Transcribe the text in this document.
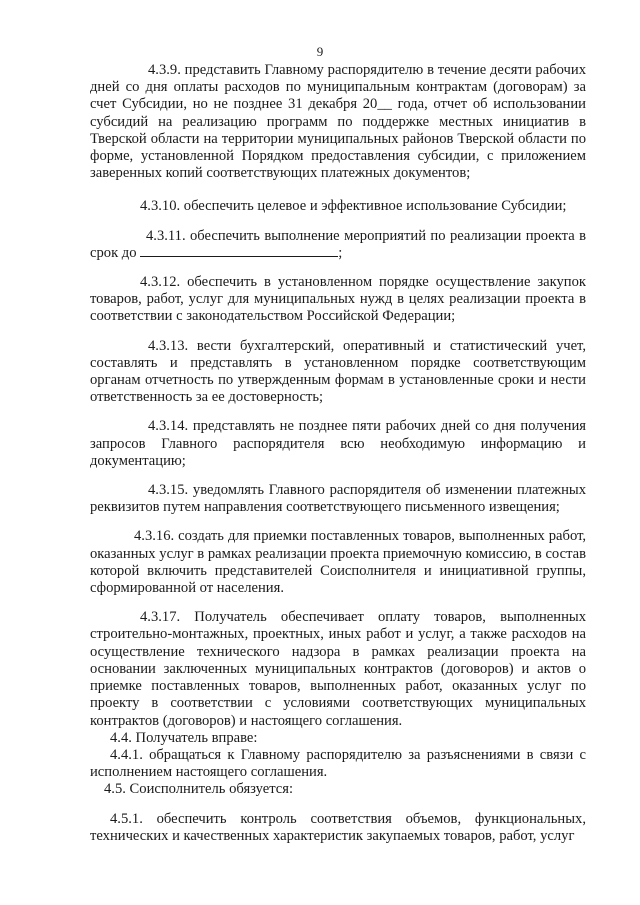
9

4.3.9. представить Главному распорядителю в течение десяти рабочих дней со дня оплаты расходов по муниципальным контрактам (договорам) за счет Субсидии, но не позднее 31 декабря 20__ года, отчет об использовании субсидий на реализацию программ по поддержке местных инициатив в Тверской области на территории муниципальных районов Тверской области по форме, установленной Порядком предоставления субсидии, с приложением заверенных копий соответствующих платежных документов;

4.3.10. обеспечить целевое и эффективное использование Субсидии;

4.3.11. обеспечить выполнение мероприятий по реализации проекта в срок до	;

4.3.12. обеспечить в установленном порядке осуществление закупок товаров, работ, услуг для муниципальных нужд в целях реализации проекта в соответствии с законодательством Российской Федерации;

4.3.13. вести бухгалтерский, оперативный и статистический учет, составлять и представлять в установленном порядке соответствующим органам отчетность по утвержденным формам в установленные сроки и нести ответственность за ее достоверность;

4.3.14. представлять не позднее пяти рабочих дней со дня получения запросов Главного распорядителя всю необходимую информацию и документацию;

4.3.15. уведомлять Главного распорядителя об изменении платежных реквизитов путем направления соответствующего письменного извещения;

4.3.16. создать для приемки поставленных товаров, выполненных работ, оказанных услуг в рамках реализации проекта приемочную комиссию, в состав которой включить представителей Соисполнителя и инициативной группы, сформированной от населения.

4.3.17. Получатель обеспечивает оплату товаров, выполненных строительно-монтажных, проектных, иных работ и услуг, а также расходов на осуществление технического надзора в рамках реализации проекта на основании заключенных муниципальных контрактов (договоров) и актов о приемке поставленных товаров, выполненных работ, оказанных услуг по проекту в соответствии с условиями соответствующих муниципальных контрактов (договоров) и настоящего соглашения.

4.4. Получатель вправе:

4.4.1. обращаться к Главному распорядителю за разъяснениями в связи с исполнением настоящего соглашения.

4.5. Соисполнитель обязуется:

4.5.1. обеспечить контроль соответствия объемов, функциональных, технических и качественных характеристик закупаемых товаров, работ, услуг
